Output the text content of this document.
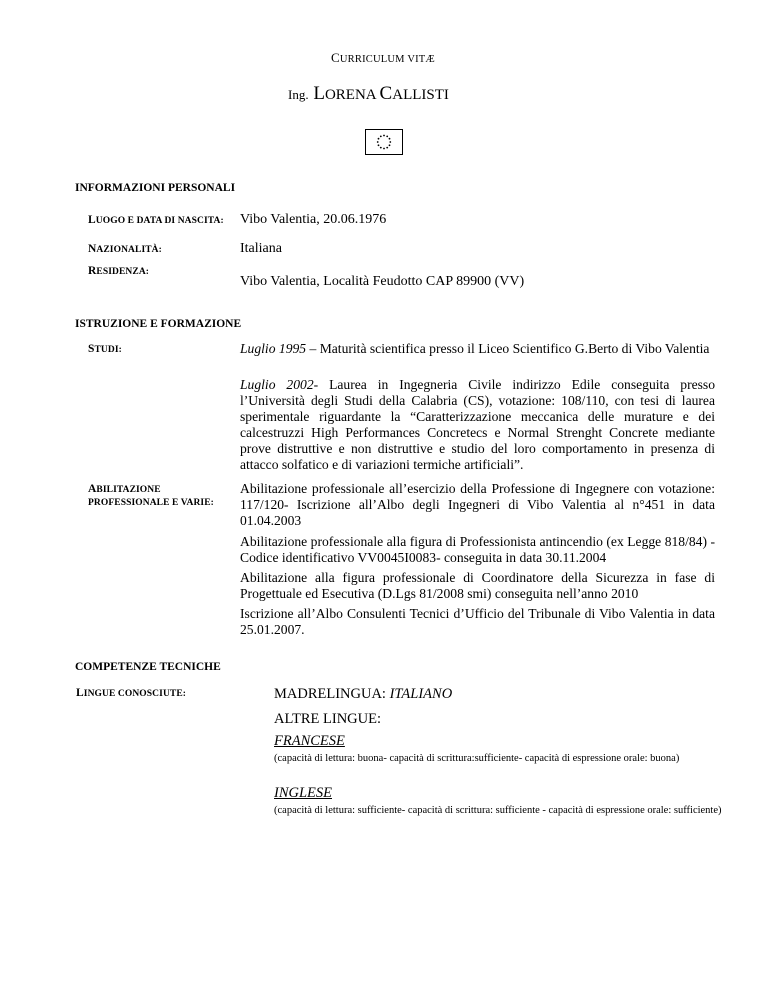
CURRICULUM VITÆ
Ing. LORENA CALLISTI
INFORMAZIONI PERSONALI
LUOGO E DATA DI NASCITA: Vibo Valentia, 20.06.1976
NAZIONALITÀ:	Italiana
RESIDENZA:
Vibo Valentia, Località Feudotto CAP 89900 (VV)
ISTRUZIONE E FORMAZIONE
STUDI:	Luglio 1995 – Maturità scientifica presso il Liceo Scientifico G.Berto di Vibo Valentia
Luglio 2002- Laurea in Ingegneria Civile indirizzo Edile conseguita presso l’Università degli Studi della Calabria (CS), votazione: 108/110, con tesi di laurea sperimentale riguardante la “Caratterizzazione meccanica delle murature e dei calcestruzzi High Performances Concretecs e Normal Strenght Concrete mediante prove distruttive e non distruttive e studio del loro comportamento in presenza di attacco solfatico e di variazioni termiche artificiali”.
ABILITAZIONE
PROFESSIONALE E VARIE:
Abilitazione professionale all’esercizio della Professione di Ingegnere con votazione: 117/120- Iscrizione all’Albo degli Ingegneri di Vibo Valentia al n°451 in data 01.04.2003
Abilitazione professionale alla figura di Professionista antincendio (ex Legge 818/84) - Codice identificativo VV0045I0083- conseguita in data 30.11.2004
Abilitazione alla figura professionale di Coordinatore della Sicurezza in fase di Progettuale ed Esecutiva (D.Lgs 81/2008 smi) conseguita nell’anno 2010
Iscrizione all’Albo Consulenti Tecnici d’Ufficio del Tribunale di Vibo Valentia in data 25.01.2007.
COMPETENZE TECNICHE
LINGUE CONOSCIUTE:	MADRELINGUA: ITALIANO
ALTRE LINGUE:
FRANCESE
(capacità di lettura: buona- capacità di scrittura:sufficiente- capacità di espressione orale: buona)
INGLESE
(capacità di lettura: sufficiente- capacità di scrittura: sufficiente - capacità di espressione orale: sufficiente)
